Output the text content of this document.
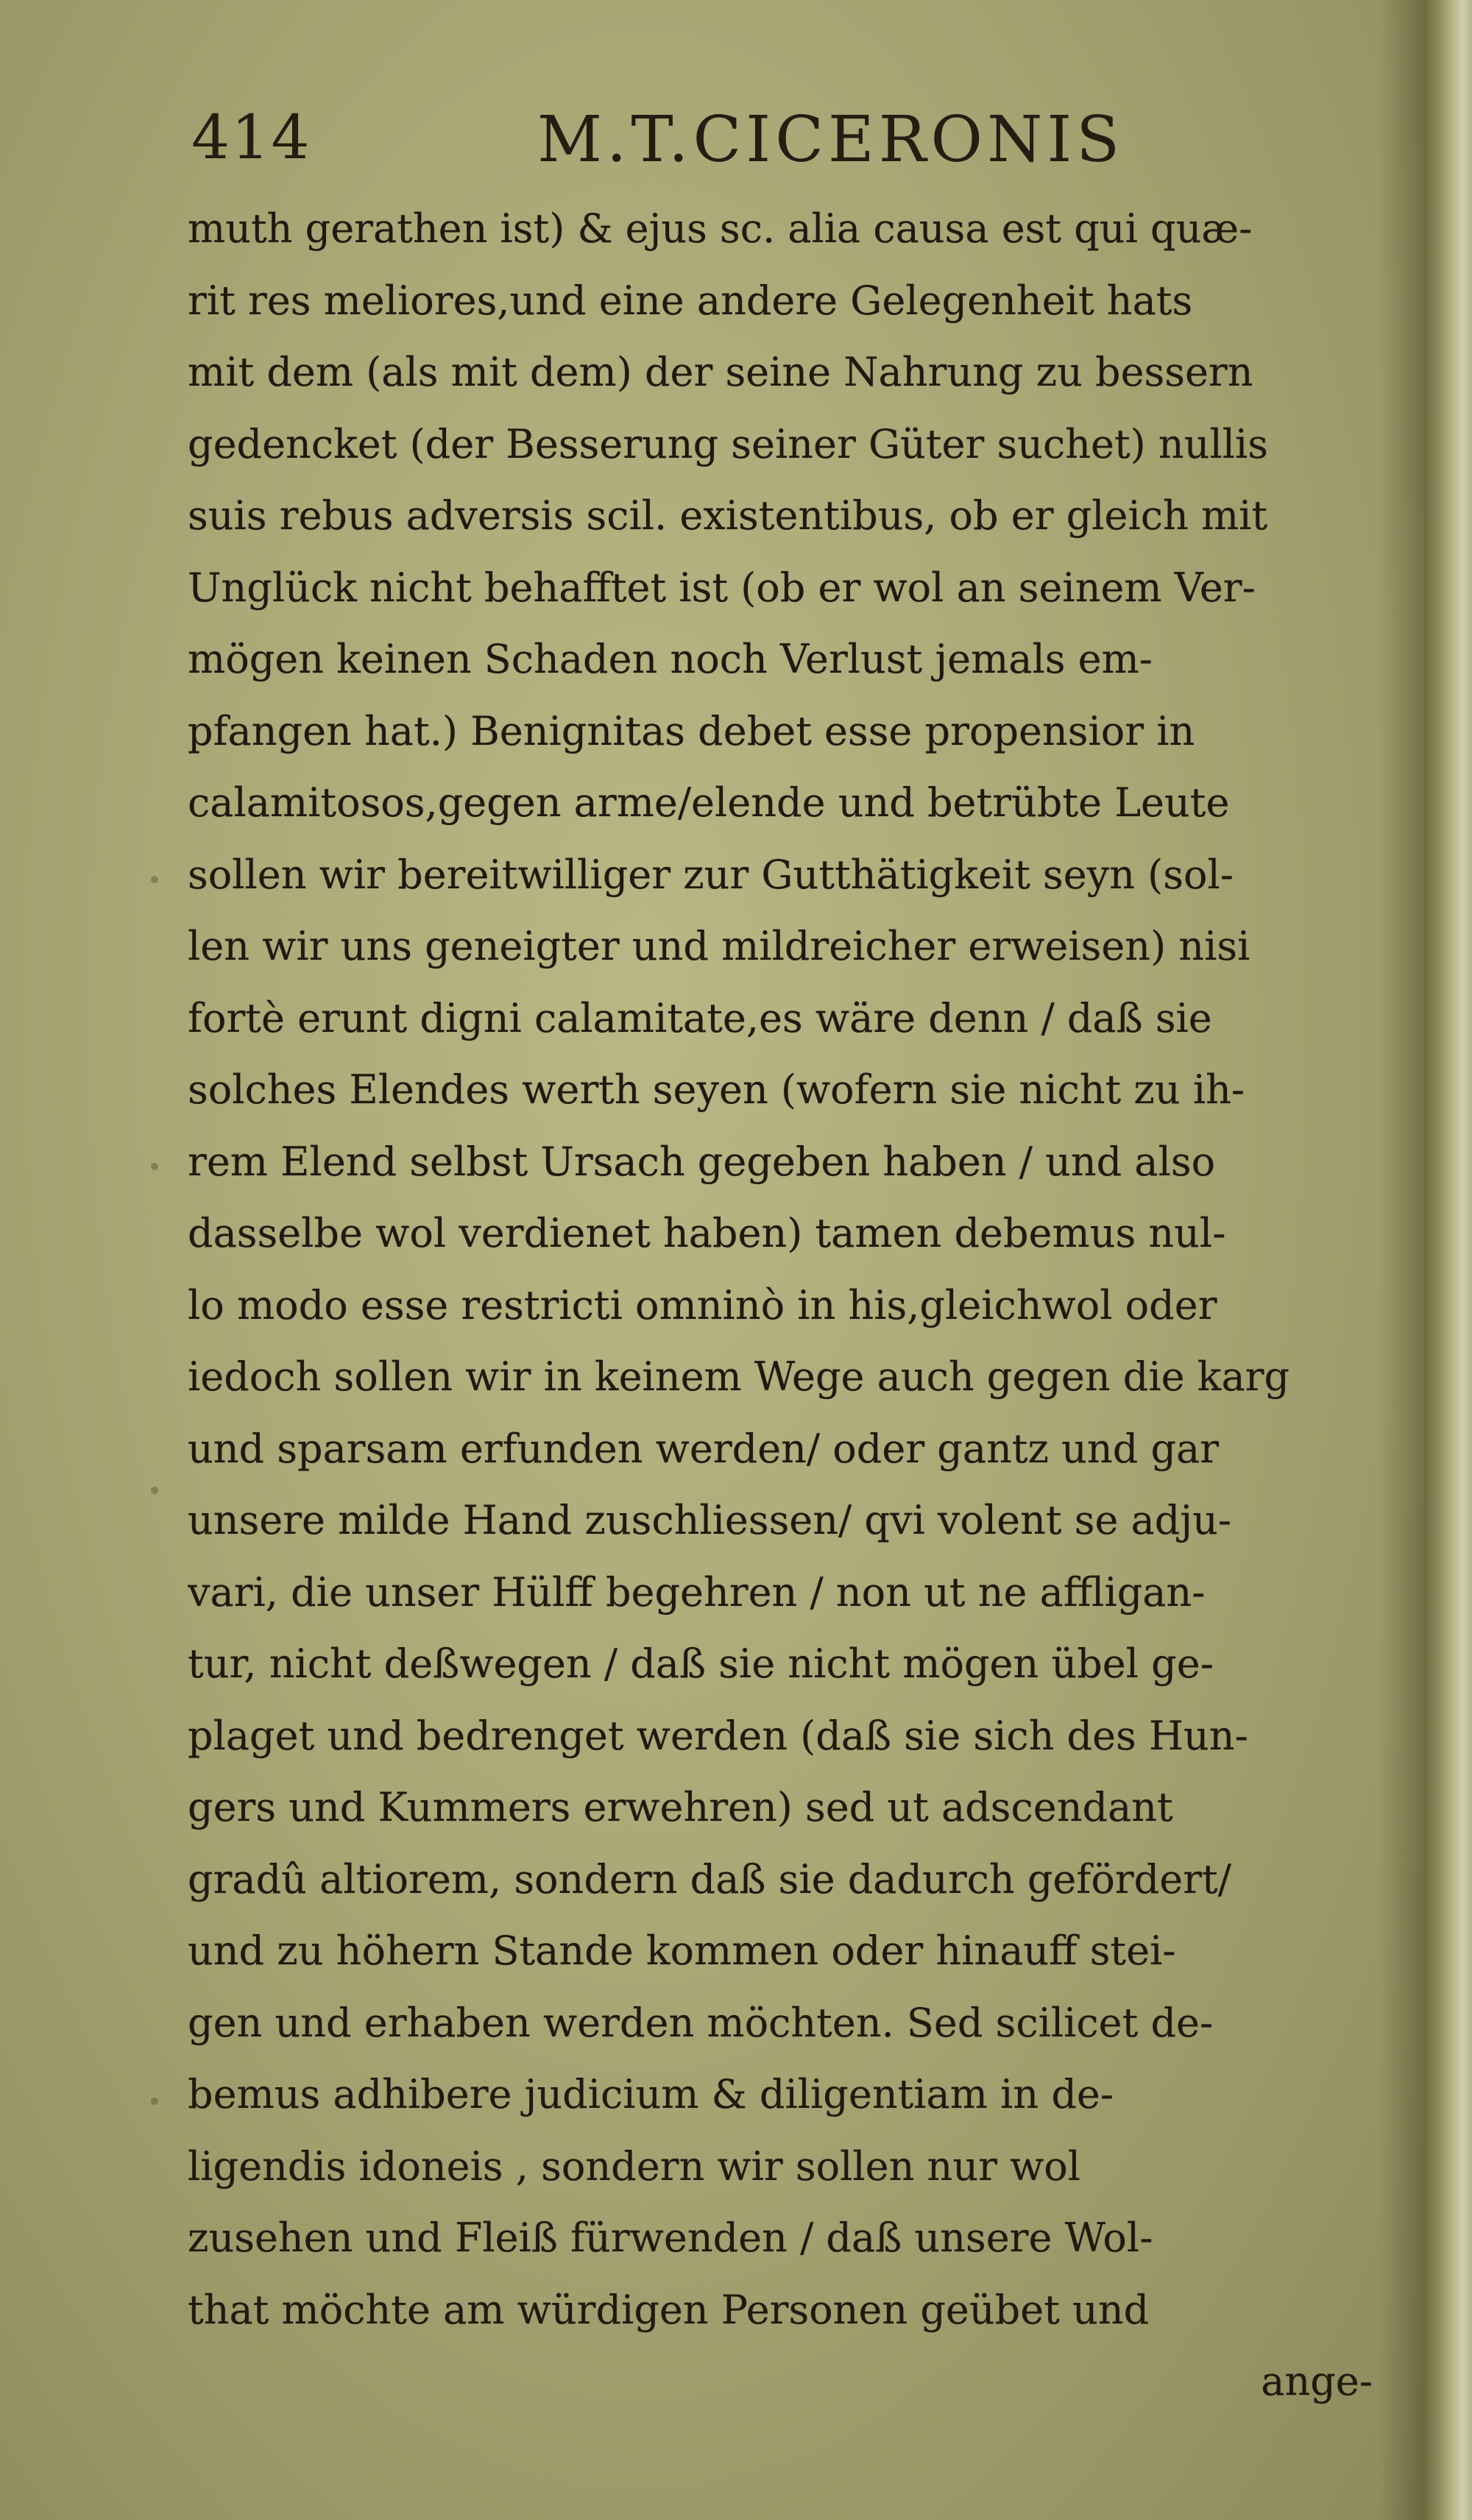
414	M.T.CICERONIS
muth gerathen ist) & ejus sc. alia causa est qui quæ-
rit res meliores,und eine andere Gelegenheit hats
mit dem (als mit dem) der seine Nahrung zu bessern
gedencket (der Besserung seiner Güter suchet) nullis
suis rebus adversis scil. existentibus, ob er gleich mit
Unglück nicht behafftet ist (ob er wol an seinem Ver-
mögen keinen Schaden noch Verlust jemals em-
pfangen hat.) Benignitas debet esse propensior in
calamitosos,gegen arme/elende und betrübte Leute
sollen wir bereitwilliger zur Gutthätigkeit seyn (sol-
len wir uns geneigter und mildreicher erweisen) nisi
fortè erunt digni calamitate,es wäre denn / daß sie
solches Elendes werth seyen (wofern sie nicht zu ih-
rem Elend selbst Ursach gegeben haben / und also
dasselbe wol verdienet haben) tamen debemus nul-
lo modo esse restricti omninò in his,gleichwol oder
iedoch sollen wir in keinem Wege auch gegen die karg
und sparsam erfunden werden/ oder gantz und gar
unsere milde Hand zuschliessen/ qvi volent se adju-
vari, die unser Hülff begehren / non ut ne affligan-
tur, nicht deßwegen / daß sie nicht mögen übel ge-
plaget und bedrenget werden (daß sie sich des Hun-
gers und Kummers erwehren) sed ut adscendant
gradû altiorem, sondern daß sie dadurch gefördert/
und zu höhern Stande kommen oder hinauff stei-
gen und erhaben werden möchten. Sed scilicet de-
bemus adhibere judicium & diligentiam in de-
ligendis idoneis , sondern wir sollen nur wol
zusehen und Fleiß fürwenden / daß unsere Wol-
that möchte am würdigen Personen geübet und
ange-
